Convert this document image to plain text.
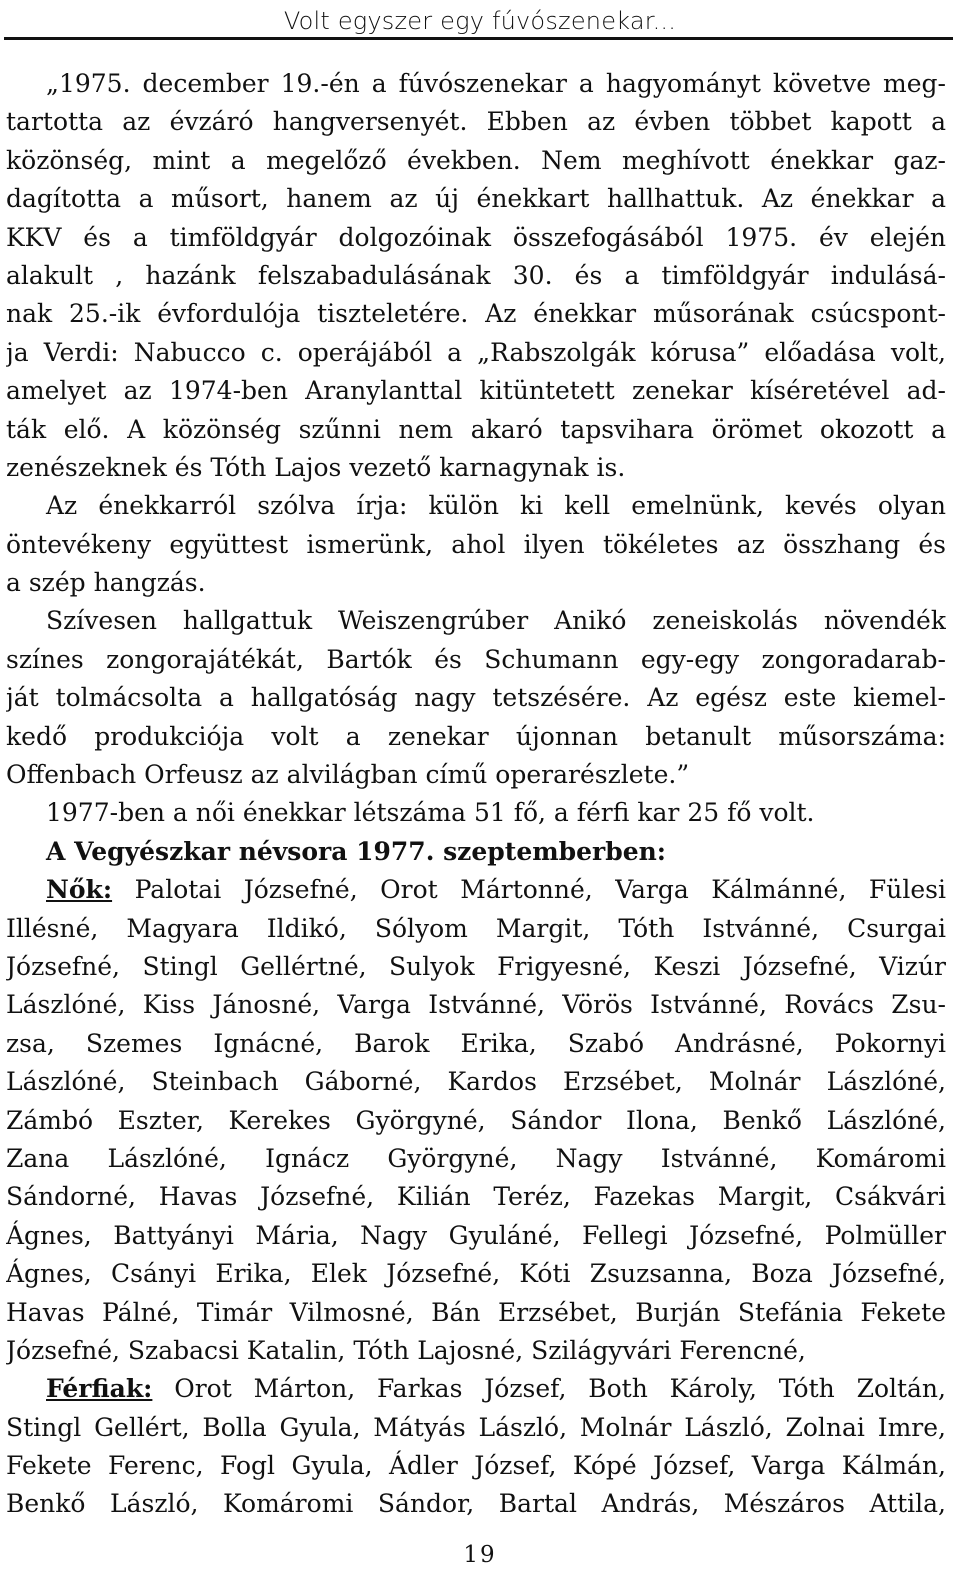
Volt egyszer egy fúvószenekar...
„1975. december 19.-én a fúvószenekar a hagyományt követve meg-
tartotta az évzáró hangversenyét. Ebben az évben többet kapott a
közönség, mint a megelőző években. Nem meghívott énekkar gaz-
dagította a műsort, hanem az új énekkart hallhattuk. Az énekkar a
KKV és a timföldgyár dolgozóinak összefogásából 1975. év elején
alakult , hazánk felszabadulásának 30. és a timföldgyár indulásá-
nak 25.-ik évfordulója tiszteletére. Az énekkar műsorának csúcspont-
ja Verdi: Nabucco c. operájából a „Rabszolgák kórusa” előadása volt,
amelyet az 1974-ben Aranylanttal kitüntetett zenekar kíséretével ad-
ták elő. A közönség szűnni nem akaró tapsvihara örömet okozott a
zenészeknek és Tóth Lajos vezető karnagynak is.
Az énekkarról szólva írja: külön ki kell emelnünk, kevés olyan
öntevékeny együttest ismerünk, ahol ilyen tökéletes az összhang és
a szép hangzás.
Szívesen hallgattuk Weiszengrúber Anikó zeneiskolás növendék
színes zongorajátékát, Bartók és Schumann egy-egy zongoradarab-
ját tolmácsolta a hallgatóság nagy tetszésére. Az egész este kiemel-
kedő produkciója volt a zenekar újonnan betanult műsorszáma:
Offenbach Orfeusz az alvilágban című operarészlete.”
1977-ben a női énekkar létszáma 51 fő, a férfi kar 25 fő volt.
A Vegyészkar névsora 1977. szeptemberben:
Nők: Palotai Józsefné, Orot Mártonné, Varga Kálmánné, Fülesi
Illésné, Magyara Ildikó, Sólyom Margit, Tóth Istvánné, Csurgai
Józsefné, Stingl Gellértné, Sulyok Frigyesné, Keszi Józsefné, Vizúr
Lászlóné, Kiss Jánosné, Varga Istvánné, Vörös Istvánné, Rovács Zsu-
zsa, Szemes Ignácné, Barok Erika, Szabó Andrásné, Pokornyi
Lászlóné, Steinbach Gáborné, Kardos Erzsébet, Molnár Lászlóné,
Zámbó Eszter, Kerekes Györgyné, Sándor Ilona, Benkő Lászlóné,
Zana Lászlóné, Ignácz Györgyné, Nagy Istvánné, Komáromi
Sándorné, Havas Józsefné, Kilián Teréz, Fazekas Margit, Csákvári
Ágnes, Battyányi Mária, Nagy Gyuláné, Fellegi Józsefné, Polmüller
Ágnes, Csányi Erika, Elek Józsefné, Kóti Zsuzsanna, Boza Józsefné,
Havas Pálné, Timár Vilmosné, Bán Erzsébet, Burján Stefánia Fekete
Józsefné, Szabacsi Katalin, Tóth Lajosné, Szilágyvári Ferencné,
Férfiak: Orot Márton, Farkas József, Both Károly, Tóth Zoltán,
Stingl Gellért, Bolla Gyula, Mátyás László, Molnár László, Zolnai Imre,
Fekete Ferenc, Fogl Gyula, Ádler József, Kópé József, Varga Kálmán,
Benkő László, Komáromi Sándor, Bartal András, Mészáros Attila,
19
